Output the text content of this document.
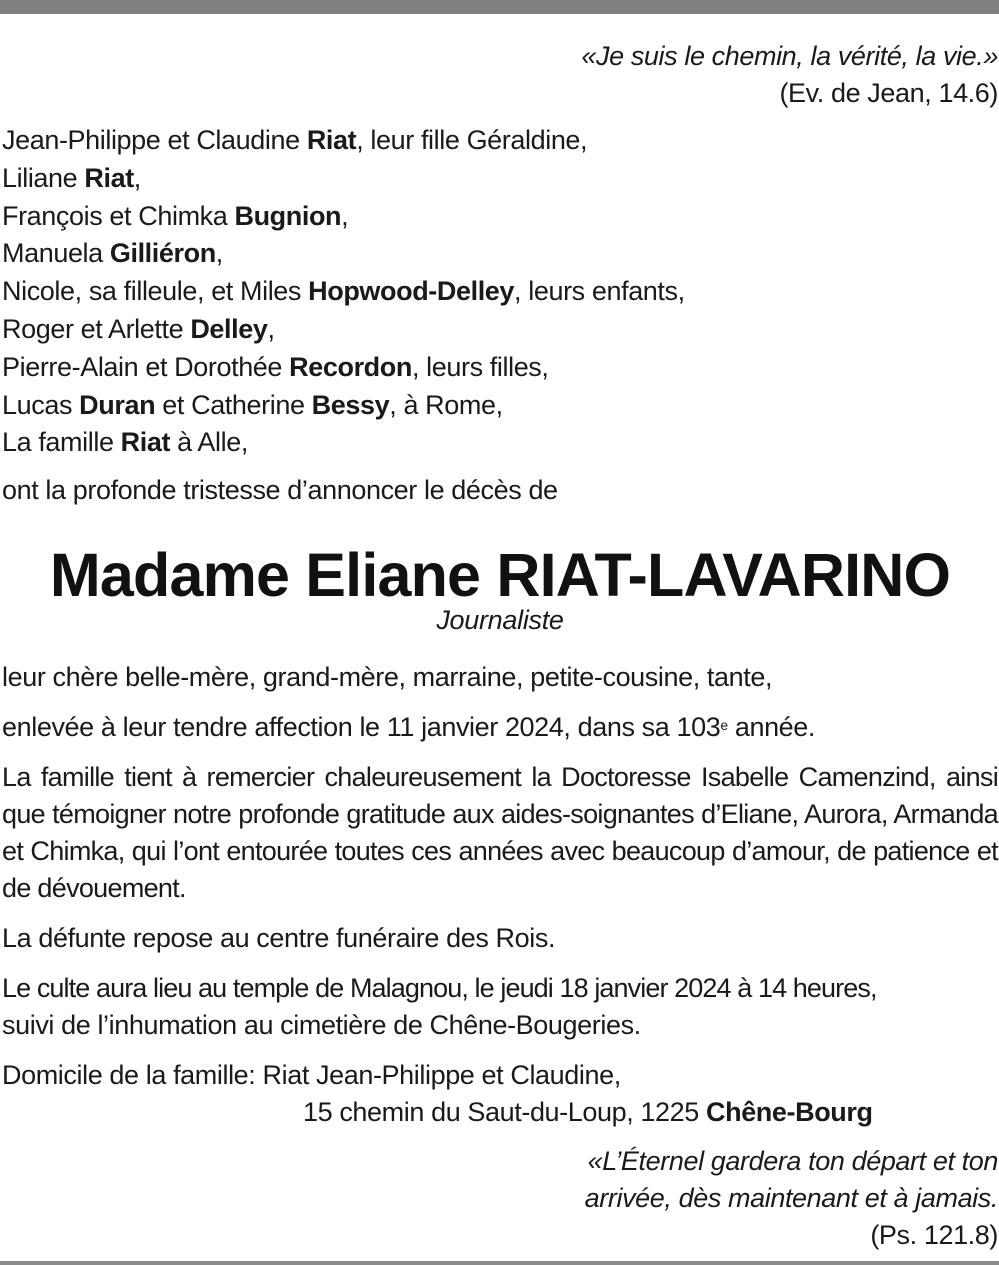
«Je suis le chemin, la vérité, la vie.»
(Ev. de Jean, 14.6)
Jean-Philippe et Claudine Riat, leur fille Géraldine,
Liliane Riat,
François et Chimka Bugnion,
Manuela Gilliéron,
Nicole, sa filleule, et Miles Hopwood-Delley, leurs enfants,
Roger et Arlette Delley,
Pierre-Alain et Dorothée Recordon, leurs filles,
Lucas Duran et Catherine Bessy, à Rome,
La famille Riat à Alle,
ont la profonde tristesse d’annoncer le décès de
Madame Eliane RIAT-LAVARINO
Journaliste
leur chère belle-mère, grand-mère, marraine, petite-cousine, tante,
enlevée à leur tendre affection le 11 janvier 2024, dans sa 103e année.
La famille tient à remercier chaleureusement la Doctoresse Isabelle Camenzind, ainsi que témoigner notre profonde gratitude aux aides-soignantes d’Eliane, Aurora, Armanda et Chimka, qui l’ont entourée toutes ces années avec beaucoup d’amour, de patience et de dévouement.
La défunte repose au centre funéraire des Rois.
Le culte aura lieu au temple de Malagnou, le jeudi 18 janvier 2024 à 14 heures,
suivi de l’inhumation au cimetière de Chêne-Bougeries.
Domicile de la famille: Riat Jean-Philippe et Claudine,
15 chemin du Saut-du-Loup, 1225 Chêne-Bourg
«L’Éternel gardera ton départ et ton
arrivée, dès maintenant et à jamais.
(Ps. 121.8)
